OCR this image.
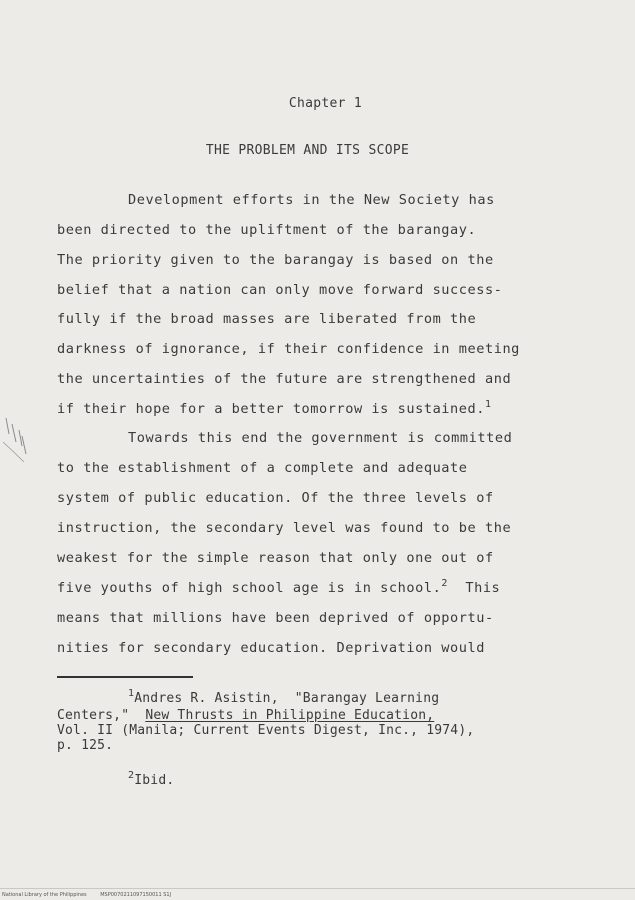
Chapter 1
THE PROBLEM AND ITS SCOPE
Development efforts in the New Society has
been directed to the upliftment of the barangay.
The priority given to the barangay is based on the
belief that a nation can only move forward success-
fully if the broad masses are liberated from the
darkness of ignorance, if their confidence in meeting
the uncertainties of the future are strengthened and
if their hope for a better tomorrow is sustained.$^1$
Towards this end the government is committed
to the establishment of a complete and adequate
system of public education. Of the three levels of
instruction, the secondary level was found to be the
weakest for the simple reason that only one out of
five youths of high school age is in school.$^2$ This
means that millions have been deprived of opportu-
nities for secondary education. Deprivation would
$^1$Andres R. Asistin, "Barangay Learning
Centers," New Thrusts in Philippine Education,
Vol. II (Manila; Current Events Digest, Inc., 1974),
p. 125.
$^2$Ibid.
National Library of the Philippines	MSP0070211097150011 S1J
